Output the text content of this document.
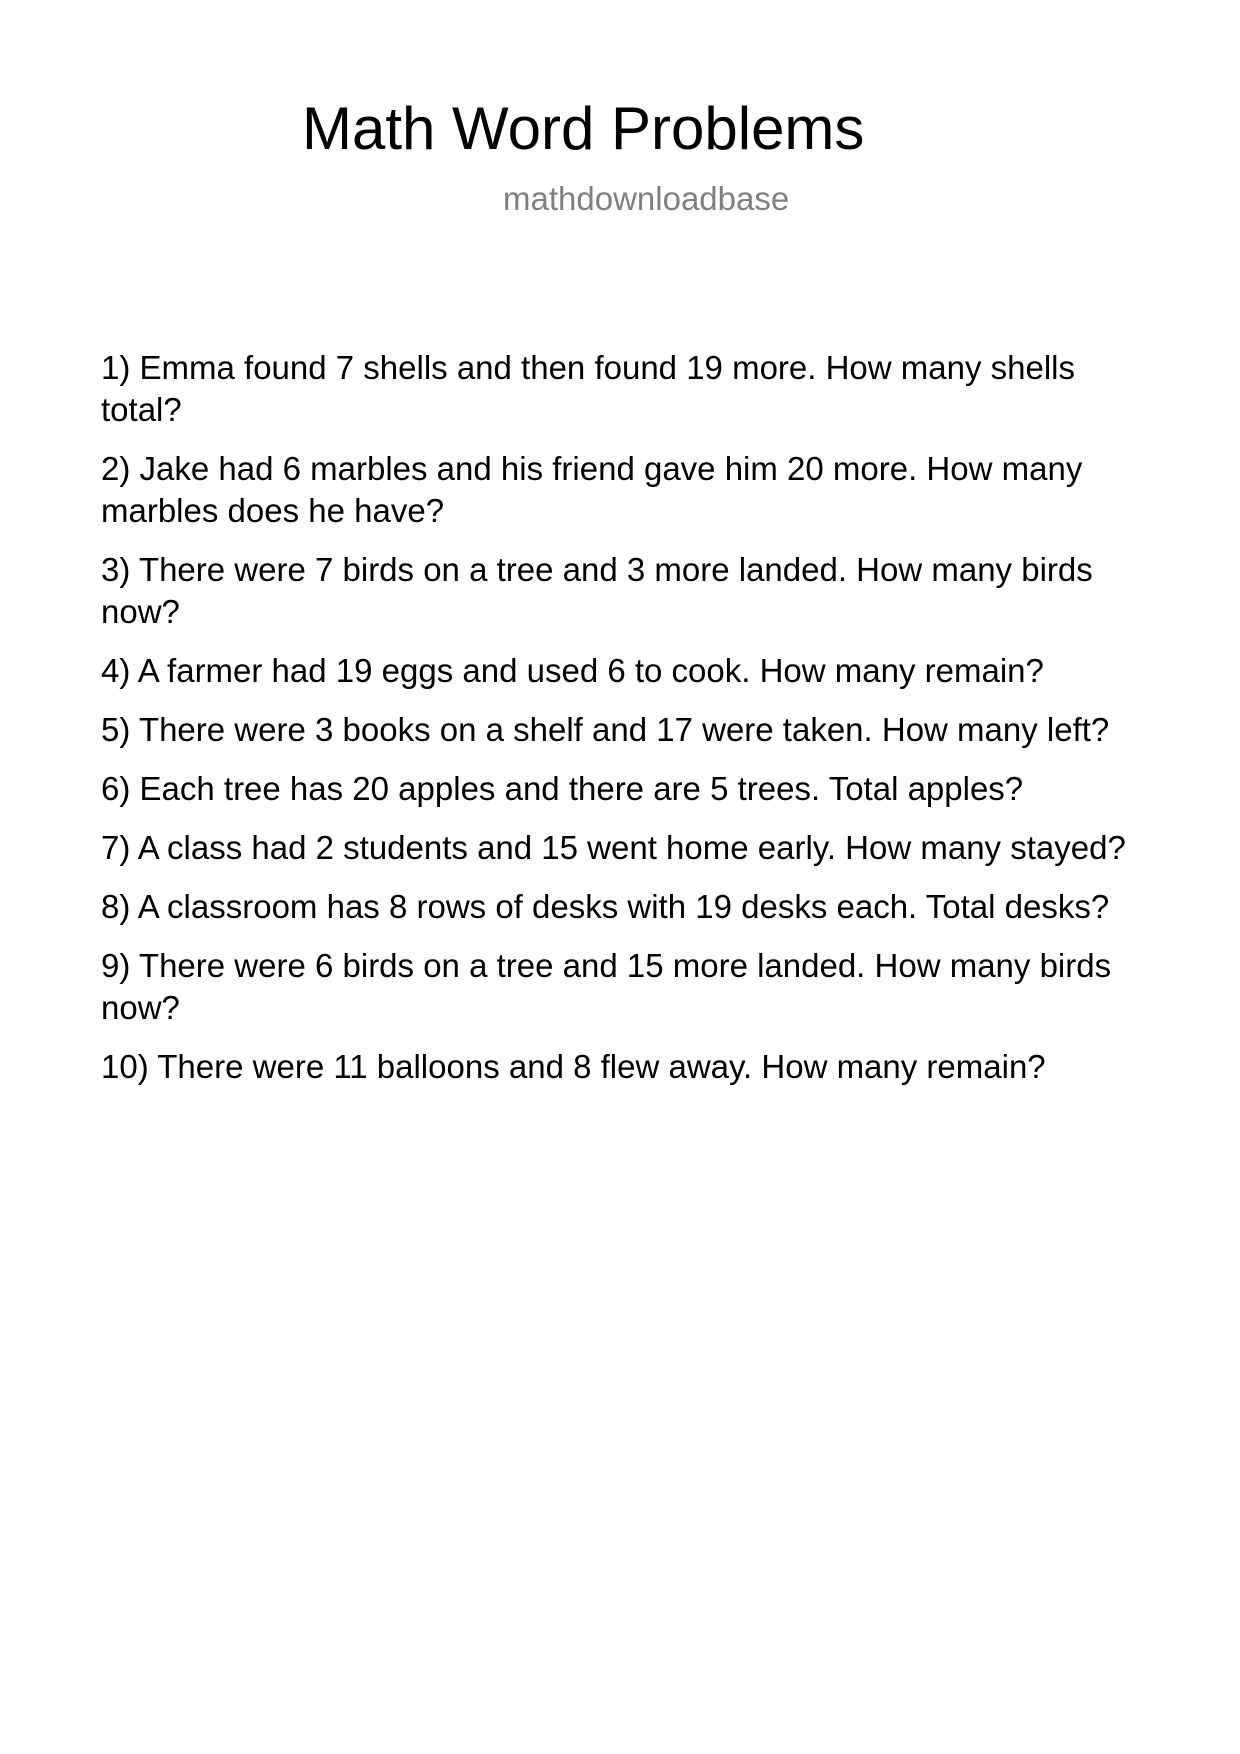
Math Word Problems
mathdownloadbase
1) Emma found 7 shells and then found 19 more. How many shells total?
2) Jake had 6 marbles and his friend gave him 20 more. How many marbles does he have?
3) There were 7 birds on a tree and 3 more landed. How many birds now?
4) A farmer had 19 eggs and used 6 to cook. How many remain?
5) There were 3 books on a shelf and 17 were taken. How many left?
6) Each tree has 20 apples and there are 5 trees. Total apples?
7) A class had 2 students and 15 went home early. How many stayed?
8) A classroom has 8 rows of desks with 19 desks each. Total desks?
9) There were 6 birds on a tree and 15 more landed. How many birds now?
10) There were 11 balloons and 8 flew away. How many remain?
